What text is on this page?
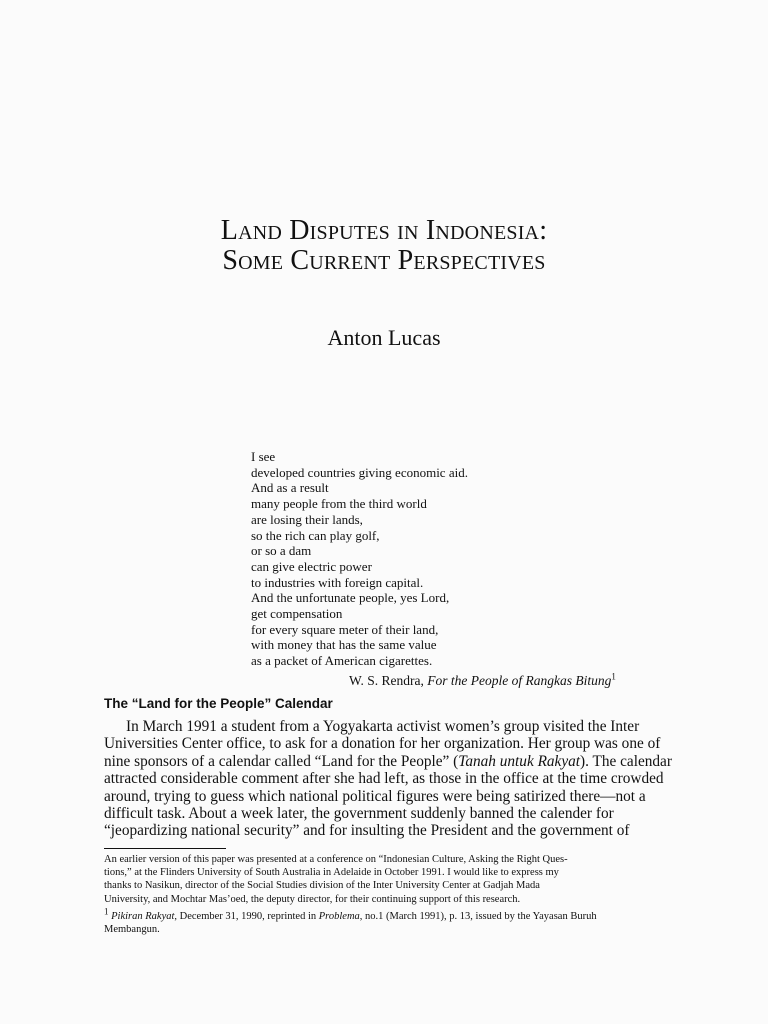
Land Disputes in Indonesia:
Some Current Perspectives
Anton Lucas
I see
developed countries giving economic aid.
And as a result
many people from the third world
are losing their lands,
so the rich can play golf,
or so a dam
can give electric power
to industries with foreign capital.
And the unfortunate people, yes Lord,
get compensation
for every square meter of their land,
with money that has the same value
as a packet of American cigarettes.
W. S. Rendra, For the People of Rangkas Bitung$^1$
The “Land for the People” Calendar
In March 1991 a student from a Yogyakarta activist women’s group visited the Inter
Universities Center office, to ask for a donation for her organization. Her group was one of
nine sponsors of a calendar called “Land for the People” (Tanah untuk Rakyat). The calendar
attracted considerable comment after she had left, as those in the office at the time crowded
around, trying to guess which national political figures were being satirized there—not a
difficult task. About a week later, the government suddenly banned the calender for
“jeopardizing national security” and for insulting the President and the government of
An earlier version of this paper was presented at a conference on “Indonesian Culture, Asking the Right Ques-
tions,” at the Flinders University of South Australia in Adelaide in October 1991. I would like to express my
thanks to Nasikun, director of the Social Studies division of the Inter University Center at Gadjah Mada
University, and Mochtar Mas’oed, the deputy director, for their continuing support of this research.
$^1$ Pikiran Rakyat, December 31, 1990, reprinted in Problema, no.1 (March 1991), p. 13, issued by the Yayasan Buruh
Membangun.
